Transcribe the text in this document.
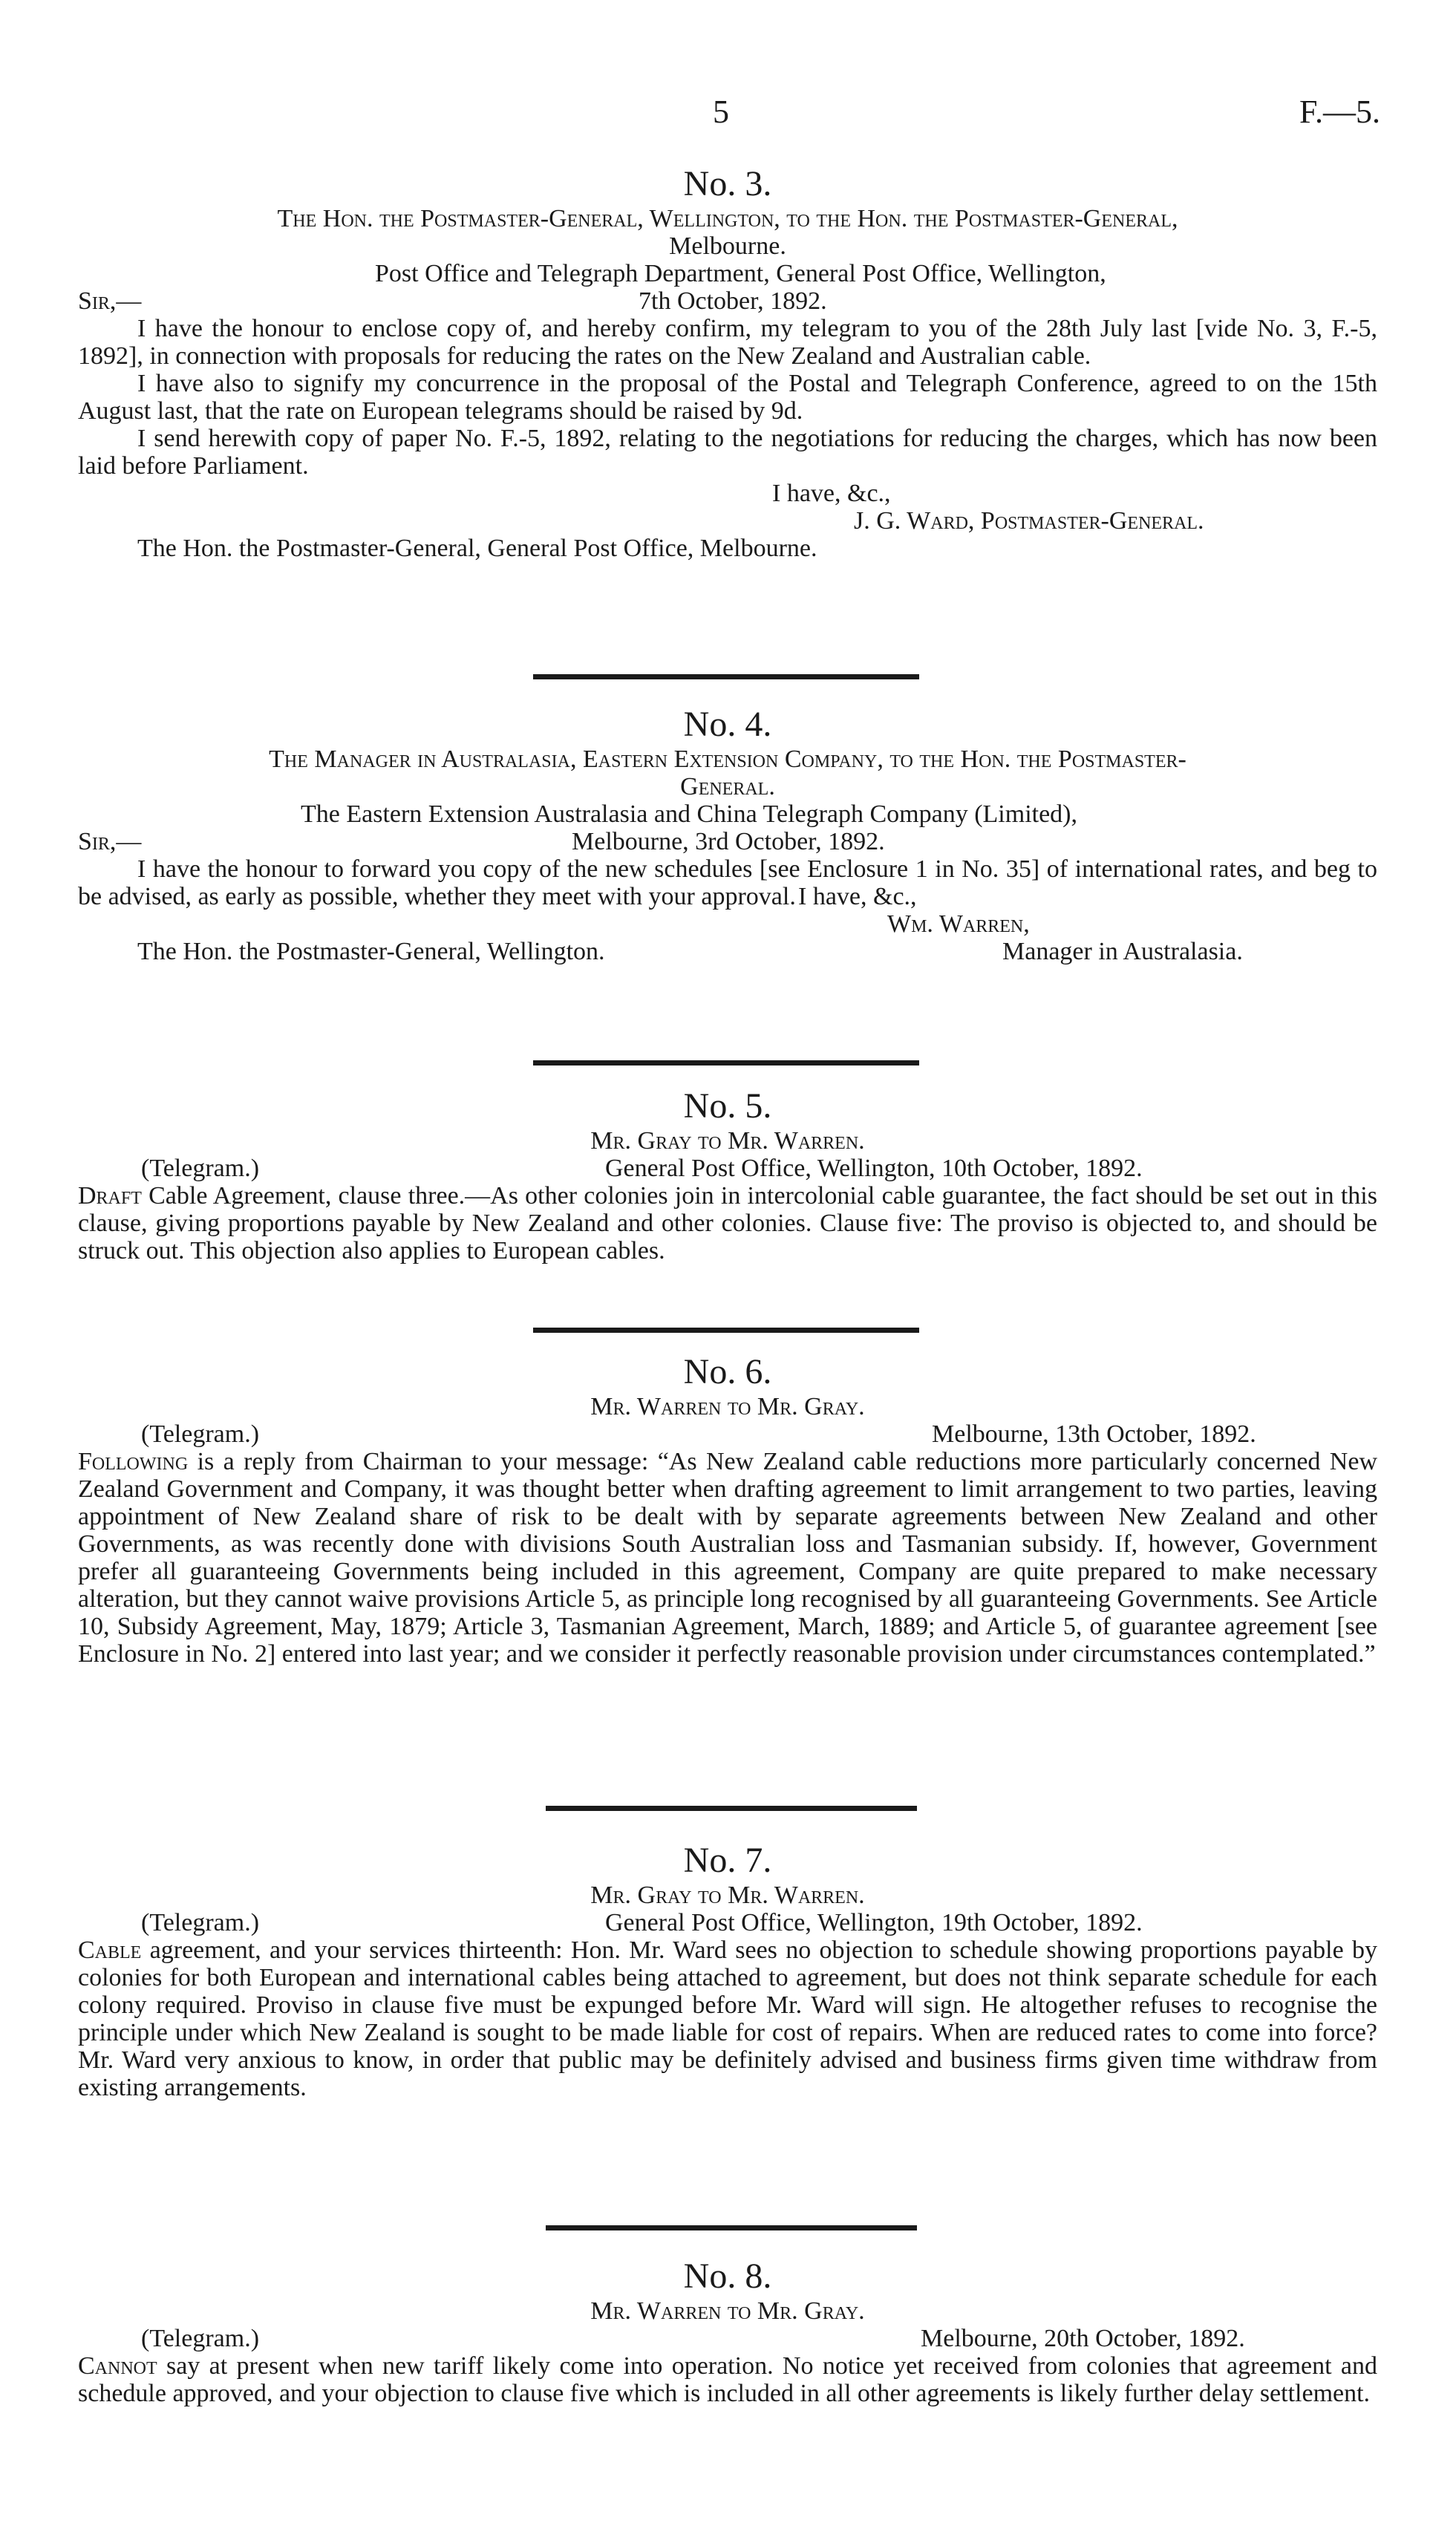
5	F.—5.
No. 3.

The Hon. the Postmaster-General, Wellington, to the Hon. the Postmaster-General,

Melbourne.

Post Office and Telegraph Department, General Post Office, Wellington,
Sir,—	7th October, 1892.

I have the honour to enclose copy of, and hereby confirm, my telegram to you of the 28th July last [vide No. 3, F.-5, 1892], in connection with proposals for reducing the rates on the New Zealand and Australian cable.

I have also to signify my concurrence in the proposal of the Postal and Telegraph Conference, agreed to on the 15th August last, that the rate on European telegrams should be raised by 9d.

I send herewith copy of paper No. F.-5, 1892, relating to the negotiations for reducing the charges, which has now been laid before Parliament.

I have, &c.,
J. G. Ward, Postmaster-General.
The Hon. the Postmaster-General, General Post Office, Melbourne.
No. 4.

The Manager in Australasia, Eastern Extension Company, to the Hon. the Postmaster-

General.

The Eastern Extension Australasia and China Telegraph Company (Limited),
Sir,—	Melbourne, 3rd October, 1892.

I have the honour to forward you copy of the new schedules [see Enclosure 1 in No. 35] of international rates, and beg to be advised, as early as possible, whether they meet with your approval. I have, &c.,
Wm. Warren,
The Hon. the Postmaster-General, Wellington.	Manager in Australasia.
No. 5.

Mr. Gray to Mr. Warren.

(Telegram.)	General Post Office, Wellington, 10th October, 1892.

Draft Cable Agreement, clause three.—As other colonies join in intercolonial cable guarantee, the fact should be set out in this clause, giving proportions payable by New Zealand and other colonies. Clause five: The proviso is objected to, and should be struck out. This objection also applies to European cables.

No. 6.

Mr. Warren to Mr. Gray.

(Telegram.)	Melbourne, 13th October, 1892.

Following is a reply from Chairman to your message: “As New Zealand cable reductions more particularly concerned New Zealand Government and Company, it was thought better when drafting agreement to limit arrangement to two parties, leaving appointment of New Zealand share of risk to be dealt with by separate agreements between New Zealand and other Governments, as was recently done with divisions South Australian loss and Tasmanian subsidy. If, however, Government prefer all guaranteeing Governments being included in this agreement, Company are quite prepared to make necessary alteration, but they cannot waive provisions Article 5, as principle long recognised by all guaranteeing Governments. See Article 10, Subsidy Agreement, May, 1879; Article 3, Tasmanian Agreement, March, 1889; and Article 5, of guarantee agreement [see Enclosure in No. 2] entered into last year; and we consider it perfectly reasonable provision under circumstances contemplated.”

No. 7.

Mr. Gray to Mr. Warren.

(Telegram.)	General Post Office, Wellington, 19th October, 1892.

Cable agreement, and your services thirteenth: Hon. Mr. Ward sees no objection to schedule showing proportions payable by colonies for both European and international cables being attached to agreement, but does not think separate schedule for each colony required. Proviso in clause five must be expunged before Mr. Ward will sign. He altogether refuses to recognise the principle under which New Zealand is sought to be made liable for cost of repairs. When are reduced rates to come into force? Mr. Ward very anxious to know, in order that public may be definitely advised and business firms given time withdraw from existing arrangements.

No. 8.

Mr. Warren to Mr. Gray.

(Telegram.)	Melbourne, 20th October, 1892.

Cannot say at present when new tariff likely come into operation. No notice yet received from colonies that agreement and schedule approved, and your objection to clause five which is included in all other agreements is likely further delay settlement.
